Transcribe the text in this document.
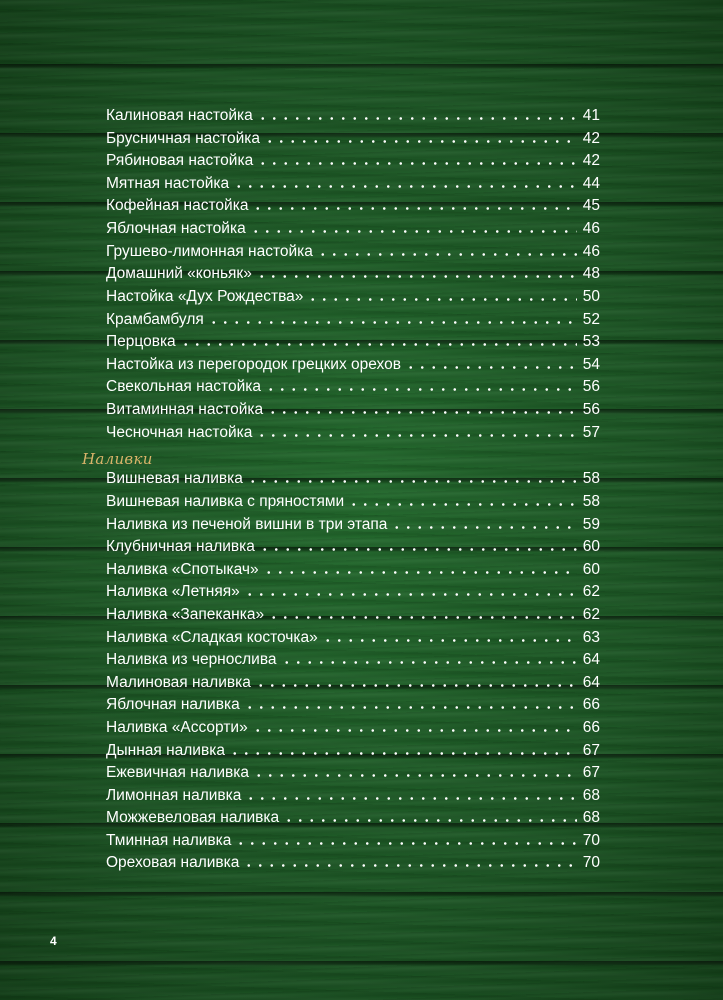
Калиновая настойка	41
Брусничная настойка	42
Рябиновая настойка	42
Мятная настойка	44
Кофейная настойка	45
Яблочная настойка	46
Грушево-лимонная настойка	46
Домашний «коньяк»	48
Настойка «Дух Рождества»	50
Крамбамбуля	52
Перцовка	53
Настойка из перегородок грецких орехов	54
Свекольная настойка	56
Витаминная настойка	56
Чесночная настойка	57
Наливки
Вишневая наливка	58
Вишневая наливка с пряностями	58
Наливка из печеной вишни в три этапа	59
Клубничная наливка	60
Наливка «Спотыкач»	60
Наливка «Летняя»	62
Наливка «Запеканка»	62
Наливка «Сладкая косточка»	63
Наливка из чернослива	64
Малиновая наливка	64
Яблочная наливка	66
Наливка «Ассорти»	66
Дынная наливка	67
Ежевичная наливка	67
Лимонная наливка	68
Можжевеловая наливка	68
Тминная наливка	70
Ореховая наливка	70
4
